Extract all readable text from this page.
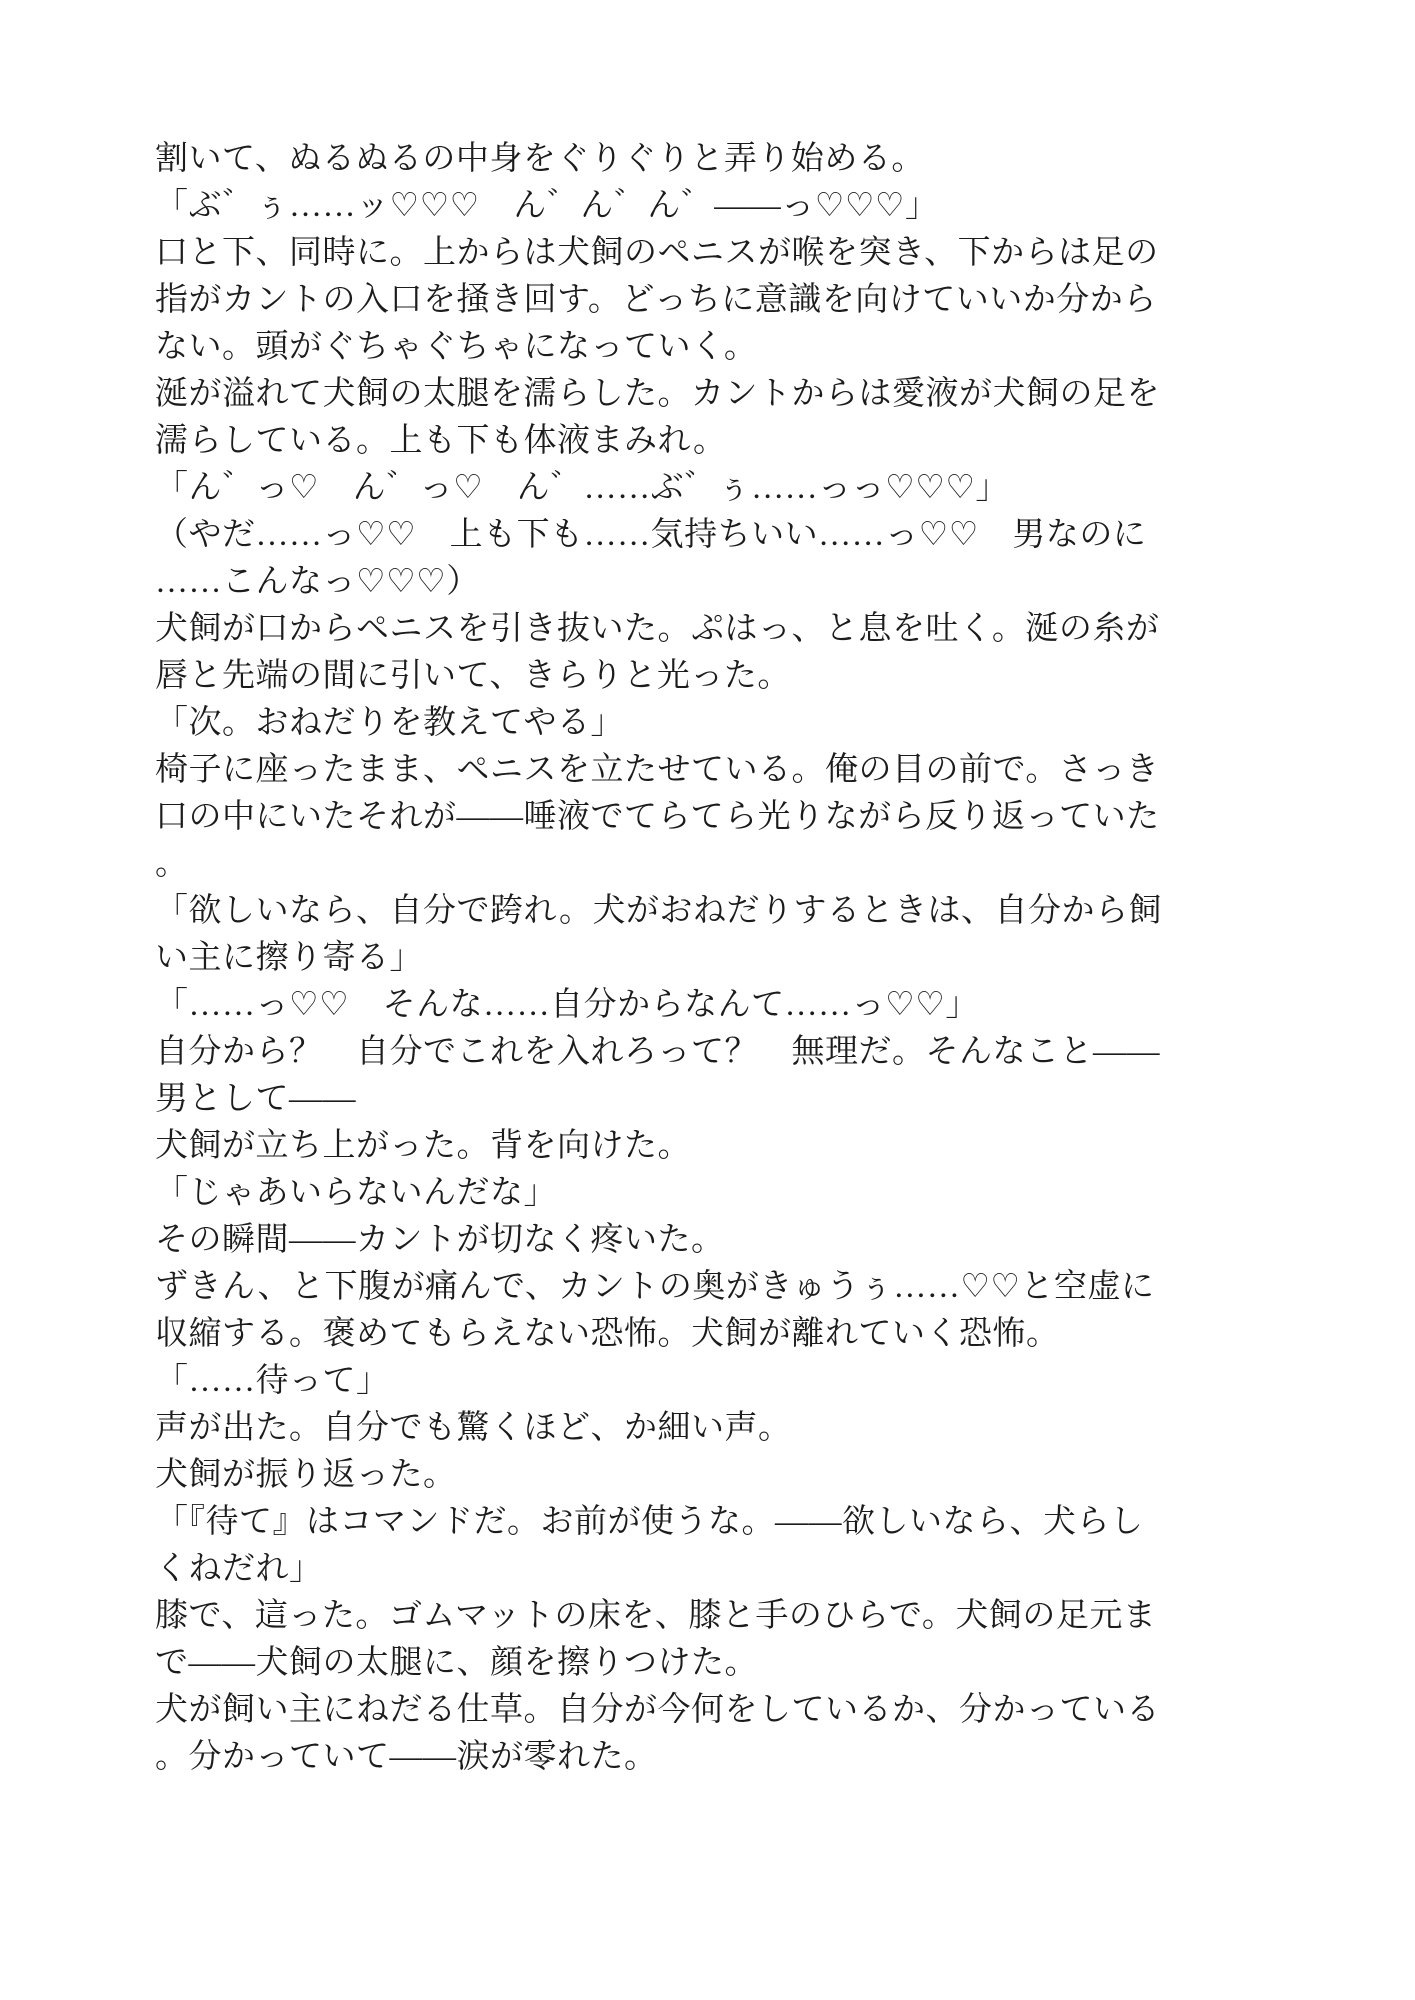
割いて、ぬるぬるの中身をぐりぐりと弄り始める。
「ぶ゛ぅ……ッ♡♡♡　ん゛ん゛ん゛――っ♡♡♡」
口と下、同時に。上からは犬飼のペニスが喉を突き、下からは足の
指がカントの入口を掻き回す。どっちに意識を向けていいか分から
ない。頭がぐちゃぐちゃになっていく。
涎が溢れて犬飼の太腿を濡らした。カントからは愛液が犬飼の足を
濡らしている。上も下も体液まみれ。
「ん゛っ♡　ん゛っ♡　ん゛……ぶ゛ぅ……っっ♡♡♡」
（やだ……っ♡♡　上も下も……気持ちいい……っ♡♡　男なのに
……こんなっ♡♡♡）
犬飼が口からペニスを引き抜いた。ぷはっ、と息を吐く。涎の糸が
唇と先端の間に引いて、きらりと光った。
「次。おねだりを教えてやる」
椅子に座ったまま、ペニスを立たせている。俺の目の前で。さっき
口の中にいたそれが――唾液でてらてら光りながら反り返っていた
。
「欲しいなら、自分で跨れ。犬がおねだりするときは、自分から飼
い主に擦り寄る」
「……っ♡♡　そんな……自分からなんて……っ♡♡」
自分から？　自分でこれを入れろって？　無理だ。そんなこと――
男として――
犬飼が立ち上がった。背を向けた。
「じゃあいらないんだな」
その瞬間――カントが切なく疼いた。
ずきん、と下腹が痛んで、カントの奥がきゅうぅ……♡♡と空虚に
収縮する。褒めてもらえない恐怖。犬飼が離れていく恐怖。
「……待って」
声が出た。自分でも驚くほど、か細い声。
犬飼が振り返った。
「『待て』はコマンドだ。お前が使うな。――欲しいなら、犬らし
くねだれ」
膝で、這った。ゴムマットの床を、膝と手のひらで。犬飼の足元ま
で――犬飼の太腿に、顔を擦りつけた。
犬が飼い主にねだる仕草。自分が今何をしているか、分かっている
。分かっていて――涙が零れた。
